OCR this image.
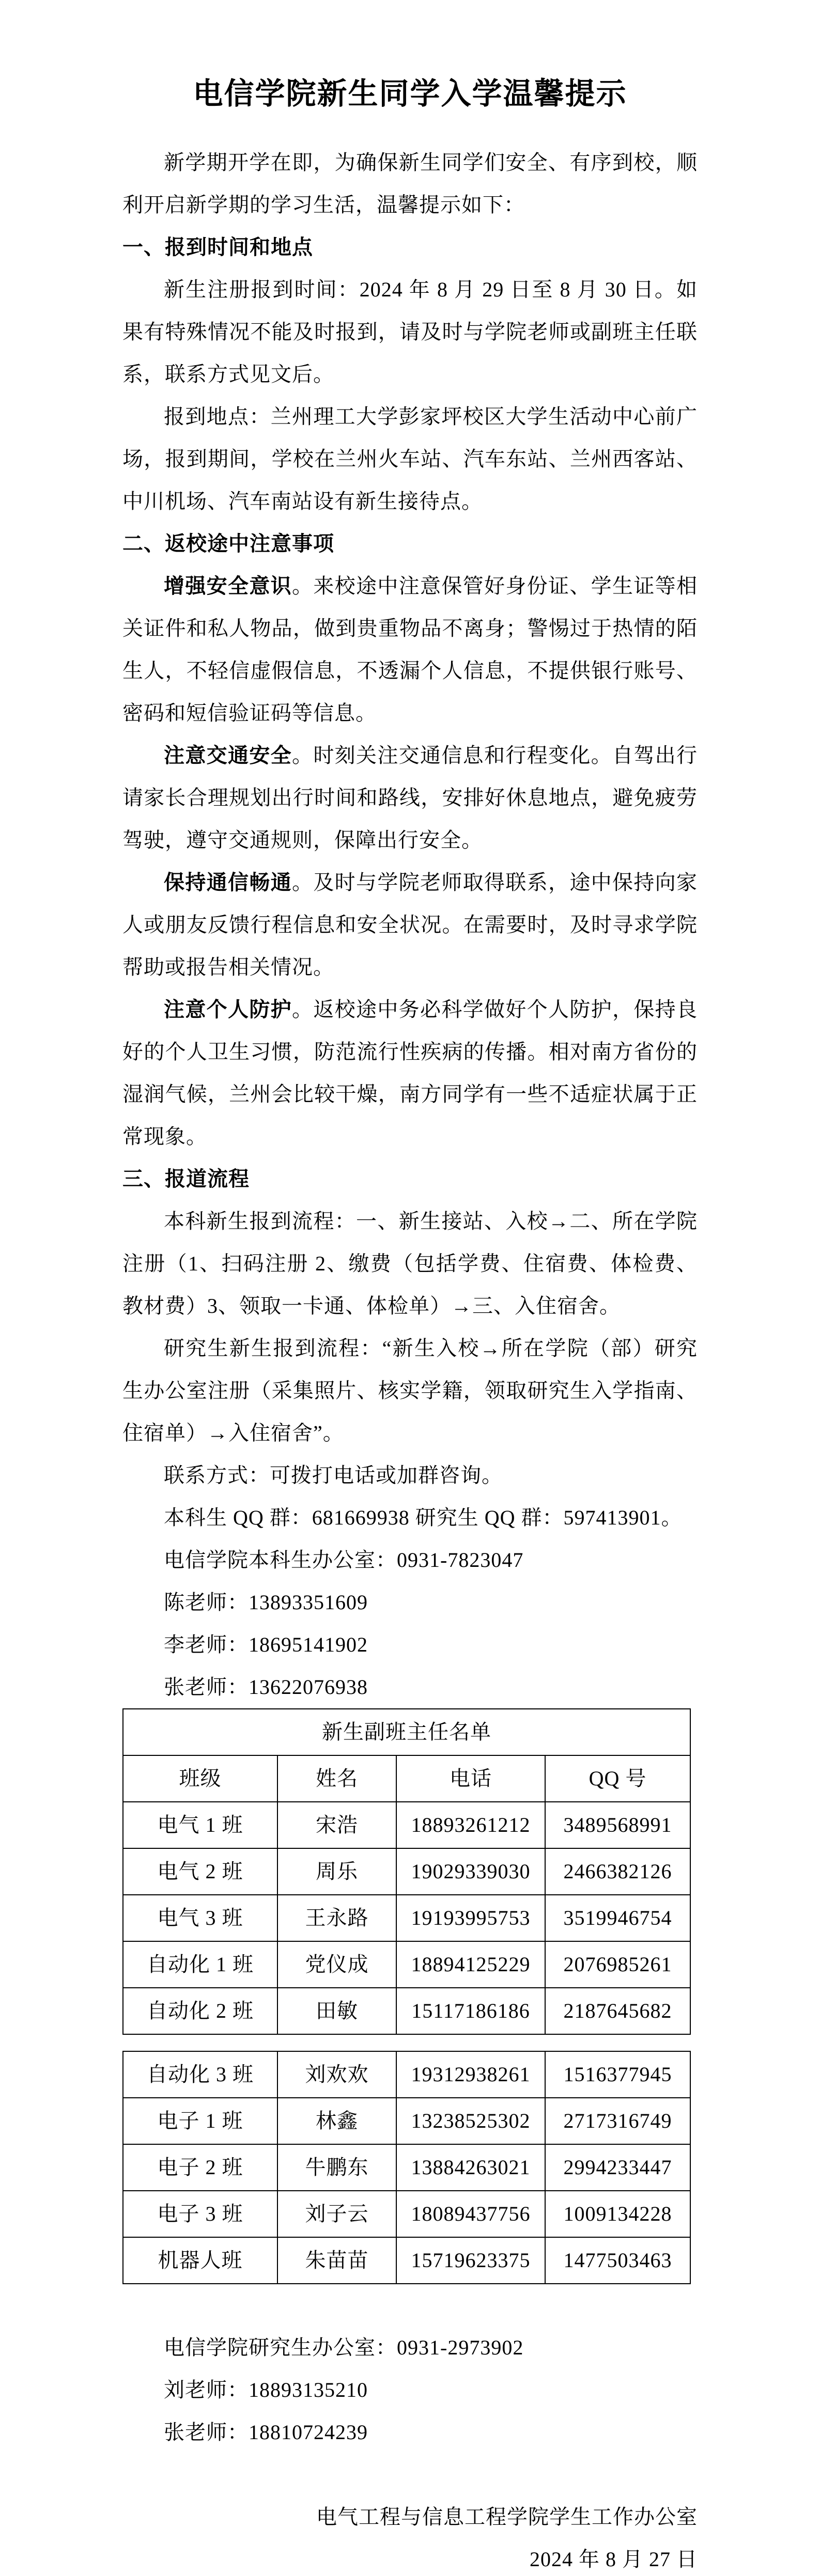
电信学院新生同学入学温馨提示

新学期开学在即，为确保新生同学们安全、有序到校，顺利开启新学期的学习生活，温馨提示如下：

一、报到时间和地点

新生注册报到时间：2024 年 8 月 29 日至 8 月 30 日。如果有特殊情况不能及时报到，请及时与学院老师或副班主任联系，联系方式见文后。

报到地点：兰州理工大学彭家坪校区大学生活动中心前广场，报到期间，学校在兰州火车站、汽车东站、兰州西客站、中川机场、汽车南站设有新生接待点。

二、返校途中注意事项

增强安全意识。来校途中注意保管好身份证、学生证等相关证件和私人物品，做到贵重物品不离身；警惕过于热情的陌生人，不轻信虚假信息，不透漏个人信息，不提供银行账号、密码和短信验证码等信息。

注意交通安全。时刻关注交通信息和行程变化。自驾出行请家长合理规划出行时间和路线，安排好休息地点，避免疲劳驾驶，遵守交通规则，保障出行安全。

保持通信畅通。及时与学院老师取得联系，途中保持向家人或朋友反馈行程信息和安全状况。在需要时，及时寻求学院帮助或报告相关情况。

注意个人防护。返校途中务必科学做好个人防护，保持良好的个人卫生习惯，防范流行性疾病的传播。相对南方省份的湿润气候，兰州会比较干燥，南方同学有一些不适症状属于正常现象。

三、报道流程

本科新生报到流程：一、新生接站、入校→二、所在学院注册（1、扫码注册 2、缴费（包括学费、住宿费、体检费、教材费）3、领取一卡通、体检单）→三、入住宿舍。

研究生新生报到流程：“新生入校→所在学院（部）研究生办公室注册（采集照片、核实学籍，领取研究生入学指南、住宿单）→入住宿舍”。

联系方式：可拨打电话或加群咨询。

本科生 QQ 群：681669938 研究生 QQ 群：597413901。

电信学院本科生办公室：0931-7823047

陈老师：13893351609

李老师：18695141902

张老师：13622076938

新生副班主任名单			
班级	姓名	电话	QQ 号
电气 1 班	宋浩	18893261212	3489568991
电气 2 班	周乐	19029339030	2466382126
电气 3 班	王永路	19193995753	3519946754
自动化 1 班	党仪成	18894125229	2076985261
自动化 2 班	田敏	15117186186	2187645682
自动化 3 班	刘欢欢	19312938261	1516377945
电子 1 班	林鑫	13238525302	2717316749
电子 2 班	牛鹏东	13884263021	2994233447
电子 3 班	刘子云	18089437756	1009134228
机器人班	朱苗苗	15719623375	1477503463

电信学院研究生办公室：0931-2973902

刘老师：18893135210

张老师：18810724239

电气工程与信息工程学院学生工作办公室

2024 年 8 月 27 日
